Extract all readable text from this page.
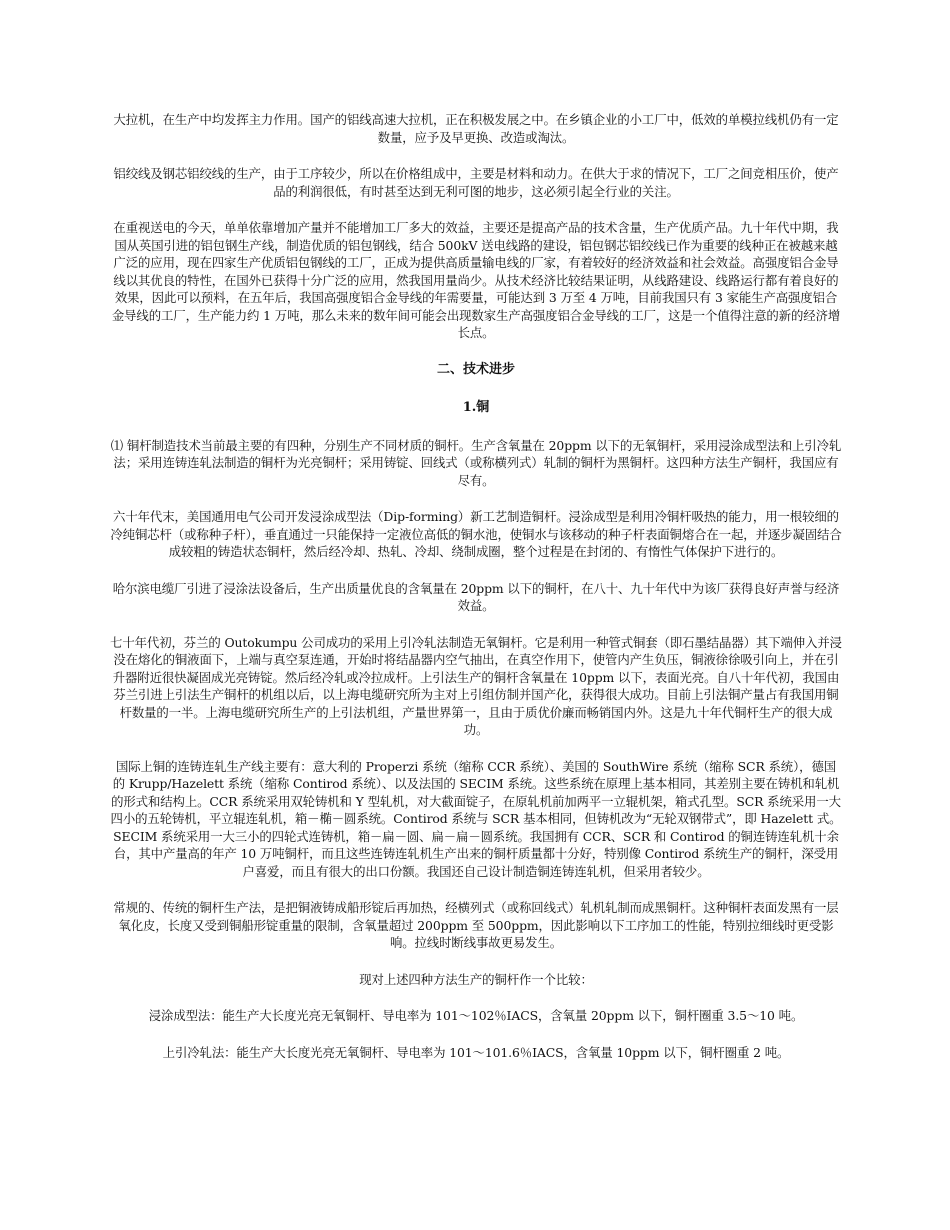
大拉机，在生产中均发挥主力作用。国产的铝线高速大拉机，正在积极发展之中。在乡镇企业的小工厂中，低效的单模拉线机仍有一定数量，应予及早更换、改造或淘汰。

铝绞线及钢芯铝绞线的生产，由于工序较少，所以在价格组成中，主要是材料和动力。在供大于求的情况下，工厂之间竞相压价，使产品的利润很低，有时甚至达到无利可图的地步，这必须引起全行业的关注。

在重视送电的今天，单单依靠增加产量并不能增加工厂多大的效益，主要还是提高产品的技术含量，生产优质产品。九十年代中期，我国从英国引进的铝包钢生产线，制造优质的铝包钢线，结合 500kV 送电线路的建设，铝包钢芯铝绞线已作为重要的线种正在被越来越广泛的应用，现在四家生产优质铝包钢线的工厂，正成为提供高质量输电线的厂家，有着较好的经济效益和社会效益。高强度铝合金导线以其优良的特性，在国外已获得十分广泛的应用，然我国用量尚少。从技术经济比较结果证明，从线路建设、线路运行都有着良好的效果，因此可以预料，在五年后，我国高强度铝合金导线的年需要量，可能达到 3 万至 4 万吨，目前我国只有 3 家能生产高强度铝合金导线的工厂，生产能力约 1 万吨，那么未来的数年间可能会出现数家生产高强度铝合金导线的工厂，这是一个值得注意的新的经济增长点。

二、技术进步
1.铜

⑴ 铜杆制造技术当前最主要的有四种，分别生产不同材质的铜杆。生产含氧量在 20ppm 以下的无氧铜杆，采用浸涂成型法和上引冷轧法；采用连铸连轧法制造的铜杆为光亮铜杆；采用铸锭、回线式（或称横列式）轧制的铜杆为黑铜杆。这四种方法生产铜杆，我国应有尽有。

六十年代末，美国通用电气公司开发浸涂成型法（Dip-forming）新工艺制造铜杆。浸涂成型是利用冷铜杆吸热的能力，用一根较细的冷纯铜芯杆（或称种子杆），垂直通过一只能保持一定液位高低的铜水池，使铜水与该移动的种子杆表面铜熔合在一起，并逐步凝固结合成较粗的铸造状态铜杆，然后经冷却、热轧、冷却、绕制成圈，整个过程是在封闭的、有惰性气体保护下进行的。

哈尔滨电缆厂引进了浸涂法设备后，生产出质量优良的含氧量在 20ppm 以下的铜杆，在八十、九十年代中为该厂获得良好声誉与经济效益。

七十年代初，芬兰的 Outokumpu 公司成功的采用上引冷轧法制造无氧铜杆。它是利用一种管式铜套（即石墨结晶器）其下端伸入并浸没在熔化的铜液面下，上端与真空泵连通，开始时将结晶器内空气抽出，在真空作用下，使管内产生负压，铜液徐徐吸引向上，并在引升器附近很快凝固成光亮铸锭。然后经冷轧或冷拉成杆。上引法生产的铜杆含氧量在 10ppm 以下，表面光亮。自八十年代初，我国由芬兰引进上引法生产铜杆的机组以后，以上海电缆研究所为主对上引组仿制并国产化，获得很大成功。目前上引法铜产量占有我国用铜杆数量的一半。上海电缆研究所生产的上引法机组，产量世界第一，且由于质优价廉而畅销国内外。这是九十年代铜杆生产的很大成功。

国际上铜的连铸连轧生产线主要有：意大利的 Properzi 系统（缩称 CCR 系统）、美国的 SouthWire 系统（缩称 SCR 系统），德国的 Krupp/Hazelett 系统（缩称 Contirod 系统）、以及法国的 SECIM 系统。这些系统在原理上基本相同，其差别主要在铸机和轧机的形式和结构上。CCR 系统采用双轮铸机和 Y 型轧机，对大截面锭子，在原轧机前加两平一立辊机架，箱式孔型。SCR 系统采用一大四小的五轮铸机，平立辊连轧机，箱－椭－圆系统。Contirod 系统与 SCR 基本相同，但铸机改为“无轮双钢带式”，即 Hazelett 式。SECIM 系统采用一大三小的四轮式连铸机，箱－扁－圆、扁－扁－圆系统。我国拥有 CCR、SCR 和 Contirod 的铜连铸连轧机十余台，其中产量高的年产 10 万吨铜杆，而且这些连铸连轧机生产出来的铜杆质量都十分好，特别像 Contirod 系统生产的铜杆，深受用户喜爱，而且有很大的出口份额。我国还自己设计制造铜连铸连轧机，但采用者较少。

常规的、传统的铜杆生产法，是把铜液铸成船形锭后再加热，经横列式（或称回线式）轧机轧制而成黑铜杆。这种铜杆表面发黑有一层氧化皮，长度又受到铜船形锭重量的限制，含氧量超过 200ppm 至 500ppm，因此影响以下工序加工的性能，特别拉细线时更受影响。拉线时断线事故更易发生。

现对上述四种方法生产的铜杆作一个比较：

浸涂成型法：能生产大长度光亮无氧铜杆、导电率为 101～102％IACS，含氧量 20ppm 以下，铜杆圈重 3.5～10 吨。

上引冷轧法：能生产大长度光亮无氧铜杆、导电率为 101～101.6％IACS，含氧量 10ppm 以下，铜杆圈重 2 吨。
